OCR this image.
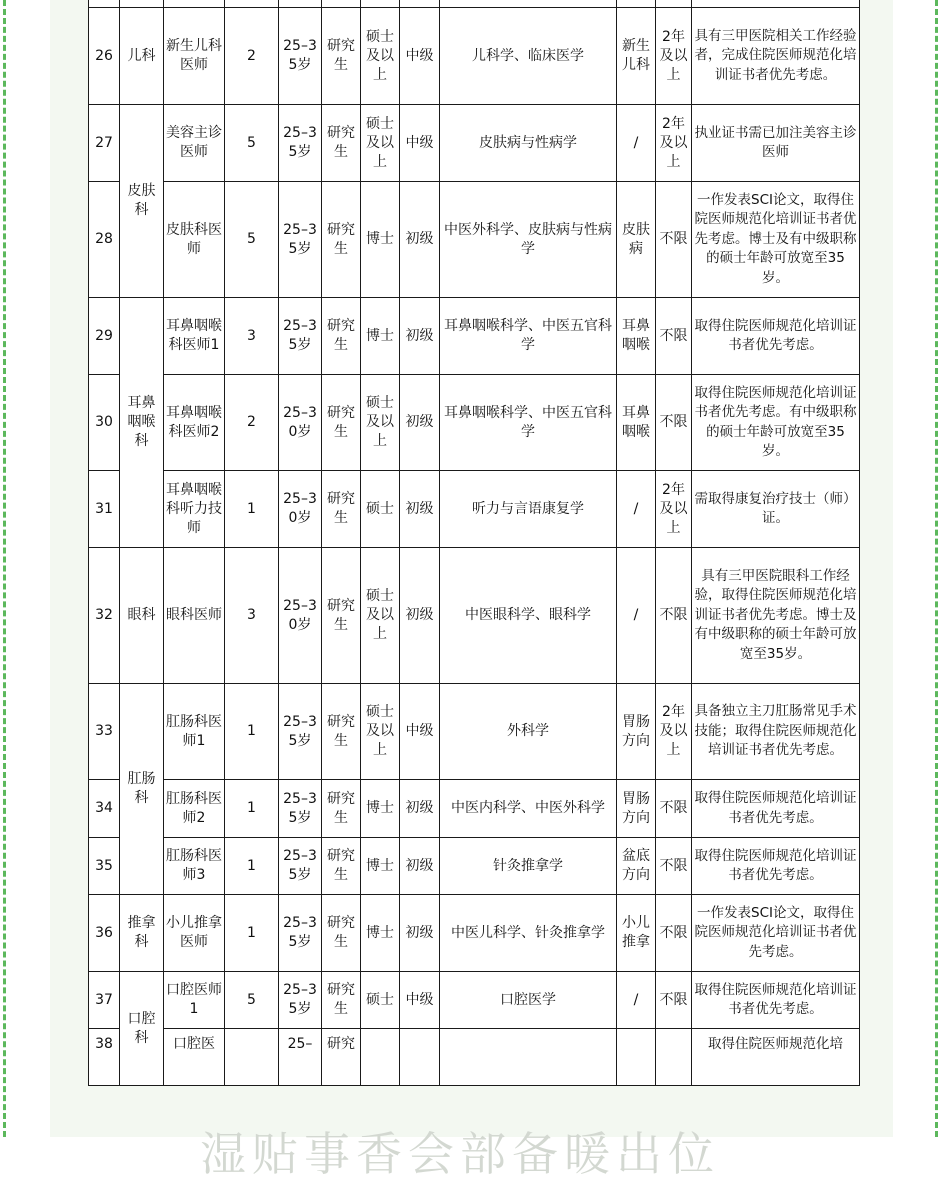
26	儿科	新生儿科医师	2	25–35岁	研究生	硕士及以上	中级	儿科学、临床医学	新生儿科	2年及以上	具有三甲医院相关工作经验者，完成住院医师规范化培训证书者优先考虑。
27	皮肤科	美容主诊医师	5	25–35岁	研究生	硕士及以上	中级	皮肤病与性病学	/	2年及以上	执业证书需已加注美容主诊医师
28		皮肤科医师	5	25–35岁	研究生	博士	初级	中医外科学、皮肤病与性病学	皮肤病	不限	一作发表SCI论文，取得住院医师规范化培训证书者优先考虑。博士及有中级职称的硕士年龄可放宽至35岁。
29	耳鼻咽喉科	耳鼻咽喉科医师1	3	25–35岁	研究生	博士	初级	耳鼻咽喉科学、中医五官科学	耳鼻咽喉	不限	取得住院医师规范化培训证书者优先考虑。
30		耳鼻咽喉科医师2	2	25–30岁	研究生	硕士及以上	初级	耳鼻咽喉科学、中医五官科学	耳鼻咽喉	不限	取得住院医师规范化培训证书者优先考虑。有中级职称的硕士年龄可放宽至35岁。
31		耳鼻咽喉科听力技师	1	25–30岁	研究生	硕士	初级	听力与言语康复学	/	2年及以上	需取得康复治疗技士（师）证。
32	眼科	眼科医师	3	25–30岁	研究生	硕士及以上	初级	中医眼科学、眼科学	/	不限	具有三甲医院眼科工作经验，取得住院医师规范化培训证书者优先考虑。博士及有中级职称的硕士年龄可放宽至35岁。
33	肛肠科	肛肠科医师1	1	25–35岁	研究生	硕士及以上	中级	外科学	胃肠方向	2年及以上	具备独立主刀肛肠常见手术技能；取得住院医师规范化培训证书者优先考虑。
34		肛肠科医师2	1	25–35岁	研究生	博士	初级	中医内科学、中医外科学	胃肠方向	不限	取得住院医师规范化培训证书者优先考虑。
35		肛肠科医师3	1	25–35岁	研究生	博士	初级	针灸推拿学	盆底方向	不限	取得住院医师规范化培训证书者优先考虑。
36	推拿科	小儿推拿医师	1	25–35岁	研究生	博士	初级	中医儿科学、针灸推拿学	小儿推拿	不限	一作发表SCI论文，取得住院医师规范化培训证书者优先考虑。
37	口腔科	口腔医师1	5	25–35岁	研究生	硕士	中级	口腔医学	/	不限	取得住院医师规范化培训证书者优先考虑。
38		口腔医		25–	研究						取得住院医师规范化培
湿贴事香会部备暖出位
